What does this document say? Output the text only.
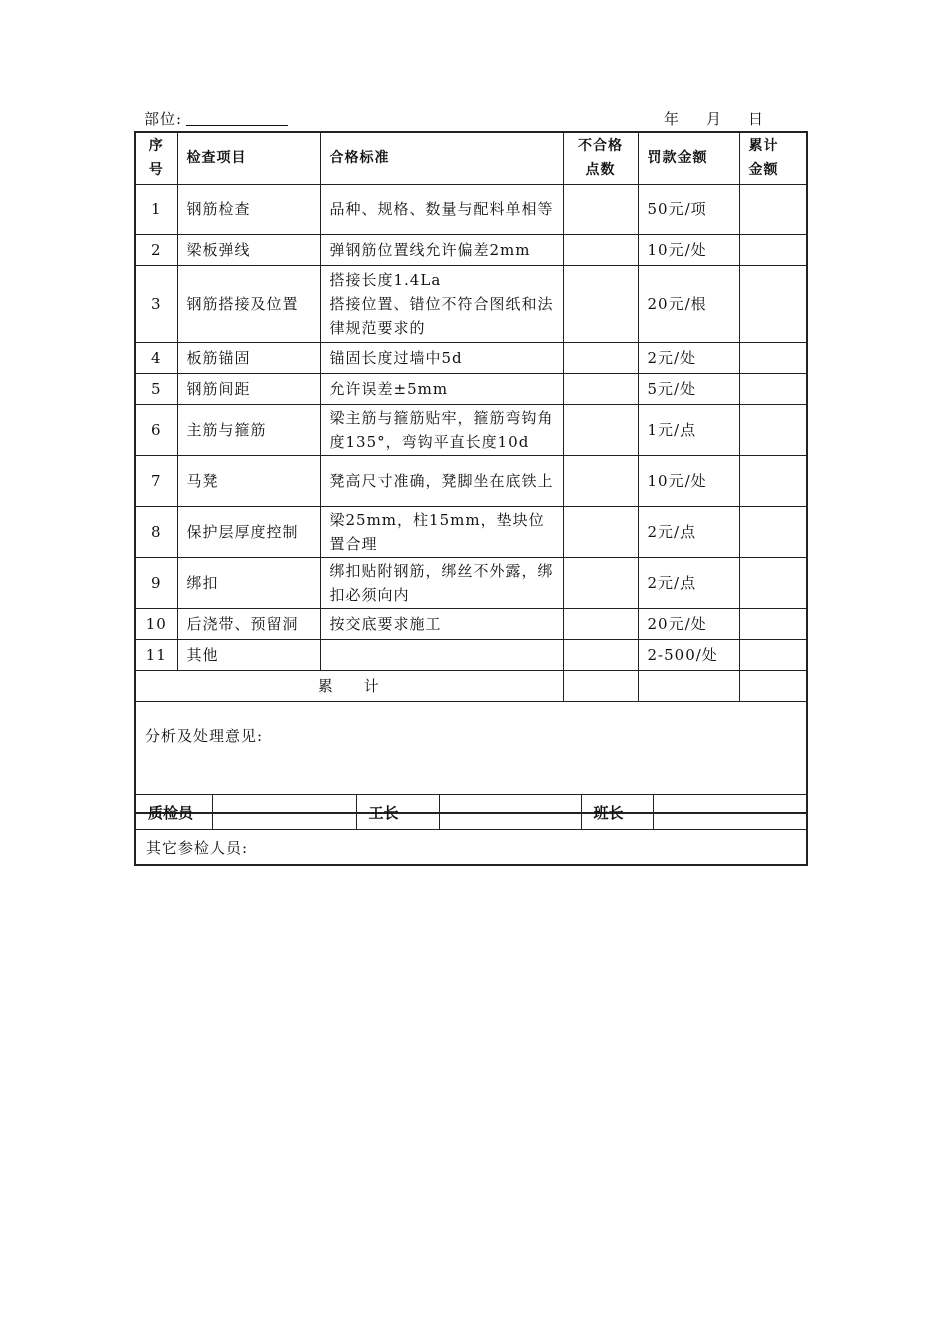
部位:	年 月 日
序号	检查项目	合格标准	不合格点数	罚款金额	累计金额

1	钢筋检查	品种、规格、数量与配料单相等		50元/项	
2	梁板弹线	弹钢筋位置线允许偏差2mm		10元/处	
3	钢筋搭接及位置	搭接长度1.4La
搭接位置、错位不符合图纸和法律规范要求的		20元/根	
4	板筋锚固	锚固长度过墙中5d		2元/处	
5	钢筋间距	允许误差±5mm		5元/处	
6	主筋与箍筋	梁主筋与箍筋贴牢，箍筋弯钩角度135°，弯钩平直长度10d		1元/点	
7	马凳	凳高尺寸准确，凳脚坐在底铁上		10元/处	
8	保护层厚度控制	梁25mm，柱15mm，垫块位置合理		2元/点	
9	绑扣	绑扣贴附钢筋，绑丝不外露，绑扣必须向内		2元/点	
10	后浇带、预留洞	按交底要求施工		20元/处	
11	其他			2-500/处	
累 计					
分析及处理意见:					
质检员		工长		班长	
其它参检人员:
